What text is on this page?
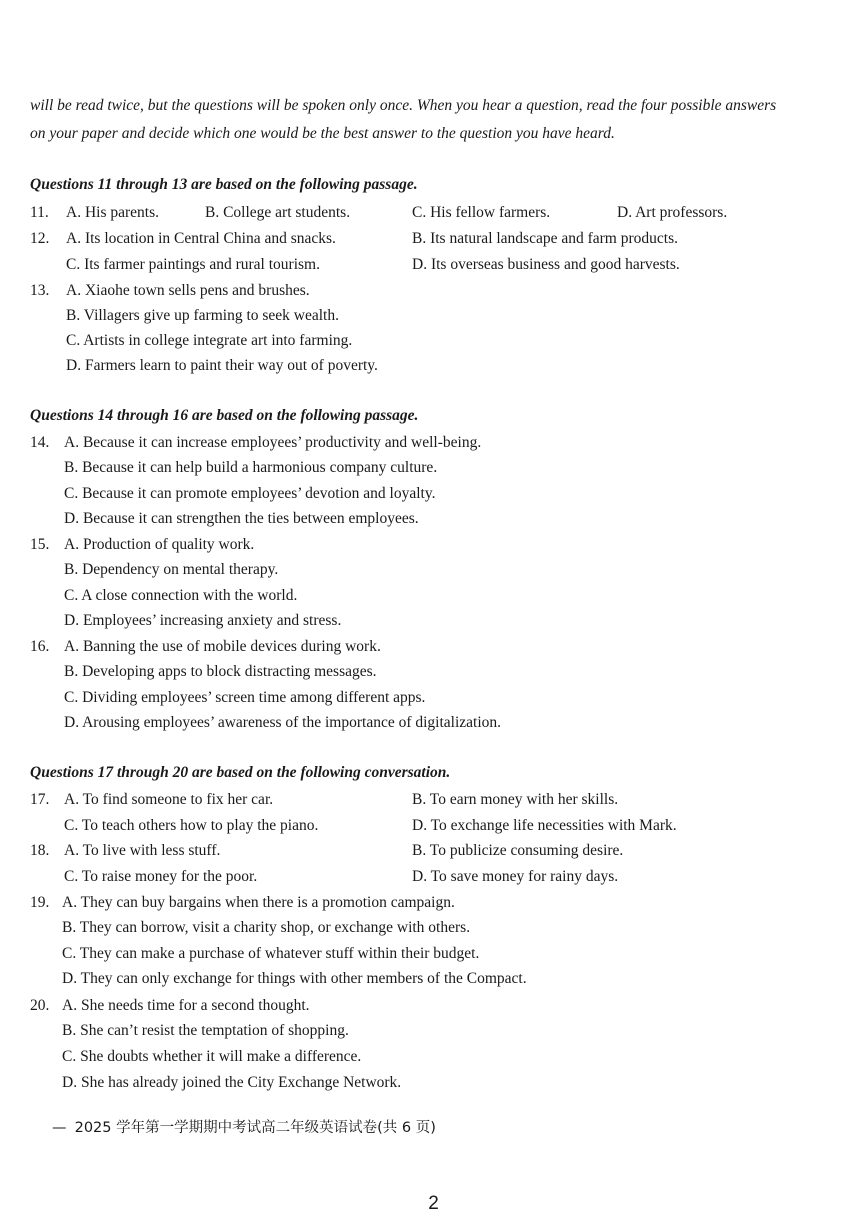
will be read twice, but the questions will be spoken only once. When you hear a question, read the four possible answers on your paper and decide which one would be the best answer to the question you have heard.
Questions 11 through 13 are based on the following passage.
11. A. His parents.	B. College art students.	C. His fellow farmers.	D. Art professors.
12. A. Its location in Central China and snacks.	B. Its natural landscape and farm products.
C. Its farmer paintings and rural tourism.	D. Its overseas business and good harvests.
13. A. Xiaohe town sells pens and brushes.
B. Villagers give up farming to seek wealth.
C. Artists in college integrate art into farming.
D. Farmers learn to paint their way out of poverty.
Questions 14 through 16 are based on the following passage.
14. A. Because it can increase employees’ productivity and well-being.
B. Because it can help build a harmonious company culture.
C. Because it can promote employees’ devotion and loyalty.
D. Because it can strengthen the ties between employees.
15. A. Production of quality work.
B. Dependency on mental therapy.
C. A close connection with the world.
D. Employees’ increasing anxiety and stress.
16. A. Banning the use of mobile devices during work.
B. Developing apps to block distracting messages.
C. Dividing employees’ screen time among different apps.
D. Arousing employees’ awareness of the importance of digitalization.
Questions 17 through 20 are based on the following conversation.
17. A. To find someone to fix her car.	B. To earn money with her skills.
C. To teach others how to play the piano.	D. To exchange life necessities with Mark.
18. A. To live with less stuff.	B. To publicize consuming desire.
C. To raise money for the poor.	D. To save money for rainy days.
19. A. They can buy bargains when there is a promotion campaign.
B. They can borrow, visit a charity shop, or exchange with others.
C. They can make a purchase of whatever stuff within their budget.
D. They can only exchange for things with other members of the Compact.
20. A. She needs time for a second thought.
B. She can’t resist the temptation of shopping.
C. She doubts whether it will make a difference.
D. She has already joined the City Exchange Network.
— 2025 学年第一学期期中考试高二年级英语试卷(共 6 页)
2
